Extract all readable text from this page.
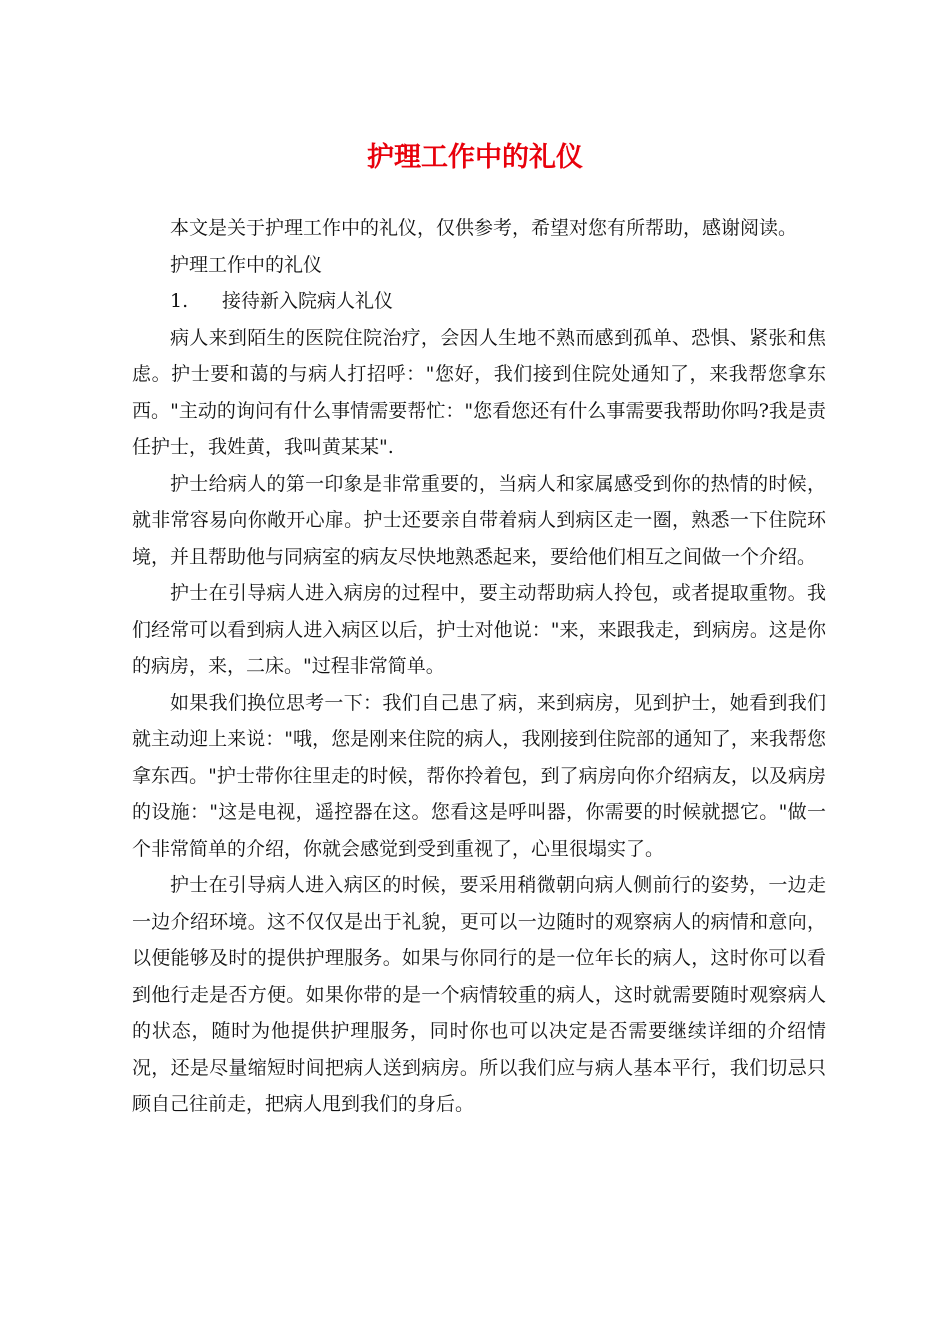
护理工作中的礼仪

本文是关于护理工作中的礼仪，仅供参考，希望对您有所帮助，感谢阅读。

护理工作中的礼仪

1. 接待新入院病人礼仪

病人来到陌生的医院住院治疗，会因人生地不熟而感到孤单、恐惧、紧张和焦虑。护士要和蔼的与病人打招呼："您好，我们接到住院处通知了，来我帮您拿东西。"主动的询问有什么事情需要帮忙："您看您还有什么事需要我帮助你吗?我是责任护士，我姓黄，我叫黄某某".

护士给病人的第一印象是非常重要的，当病人和家属感受到你的热情的时候，就非常容易向你敞开心扉。护士还要亲自带着病人到病区走一圈，熟悉一下住院环境，并且帮助他与同病室的病友尽快地熟悉起来，要给他们相互之间做一个介绍。

护士在引导病人进入病房的过程中，要主动帮助病人拎包，或者提取重物。我们经常可以看到病人进入病区以后，护士对他说："来，来跟我走，到病房。这是你的病房，来，二床。"过程非常简单。

如果我们换位思考一下：我们自己患了病，来到病房，见到护士，她看到我们就主动迎上来说："哦，您是刚来住院的病人，我刚接到住院部的通知了，来我帮您拿东西。"护士带你往里走的时候，帮你拎着包，到了病房向你介绍病友，以及病房的设施："这是电视，遥控器在这。您看这是呼叫器，你需要的时候就摁它。"做一个非常简单的介绍，你就会感觉到受到重视了，心里很塌实了。

护士在引导病人进入病区的时候，要采用稍微朝向病人侧前行的姿势，一边走一边介绍环境。这不仅仅是出于礼貌，更可以一边随时的观察病人的病情和意向，以便能够及时的提供护理服务。如果与你同行的是一位年长的病人，这时你可以看到他行走是否方便。如果你带的是一个病情较重的病人，这时就需要随时观察病人的状态，随时为他提供护理服务，同时你也可以决定是否需要继续详细的介绍情况，还是尽量缩短时间把病人送到病房。所以我们应与病人基本平行，我们切忌只顾自己往前走，把病人甩到我们的身后。
